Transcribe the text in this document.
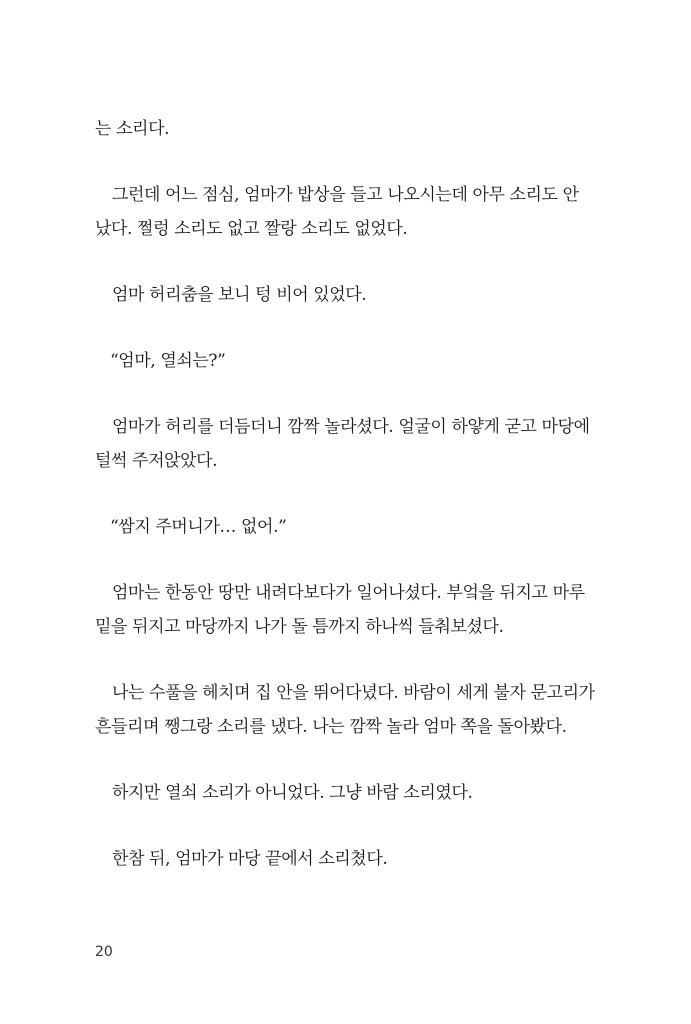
는 소리다.

그런데 어느 점심, 엄마가 밥상을 들고 나오시는데 아무 소리도 안 났다. 쩔렁 소리도 없고 짤랑 소리도 없었다.

엄마 허리춤을 보니 텅 비어 있었다.

“엄마, 열쇠는?”

엄마가 허리를 더듬더니 깜짝 놀라셨다. 얼굴이 하얗게 굳고 마당에 털썩 주저앉았다.

“쌈지 주머니가… 없어.”

엄마는 한동안 땅만 내려다보다가 일어나셨다. 부엌을 뒤지고 마루 밑을 뒤지고 마당까지 나가 돌 틈까지 하나씩 들춰보셨다.

나는 수풀을 헤치며 집 안을 뛰어다녔다. 바람이 세게 불자 문고리가 흔들리며 쨍그랑 소리를 냈다. 나는 깜짝 놀라 엄마 쪽을 돌아봤다.

하지만 열쇠 소리가 아니었다. 그냥 바람 소리였다.

한참 뒤, 엄마가 마당 끝에서 소리쳤다.

20
